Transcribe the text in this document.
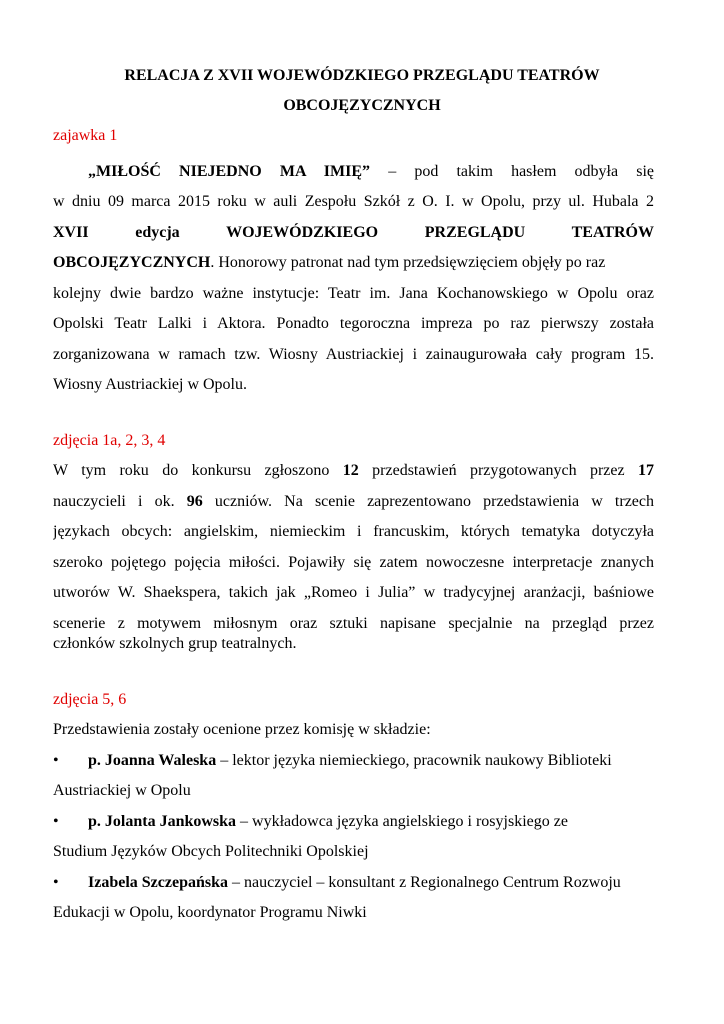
RELACJA Z XVII WOJEWÓDZKIEGO PRZEGLĄDU TEATRÓW
OBCOJĘZYCZNYCH
zajawka 1
„MIŁOŚĆ NIEJEDNO MA IMIĘ” – pod takim hasłem odbyła się
w dniu 09 marca 2015 roku w auli Zespołu Szkół z O. I. w Opolu, przy ul. Hubala 2
XVII edycja WOJEWÓDZKIEGO PRZEGLĄDU TEATRÓW
OBCOJĘZYCZNYCH. Honorowy patronat nad tym przedsięwzięciem objęły po raz
kolejny dwie bardzo ważne instytucje: Teatr im. Jana Kochanowskiego w Opolu oraz
Opolski Teatr Lalki i Aktora. Ponadto tegoroczna impreza po raz pierwszy została
zorganizowana w ramach tzw. Wiosny Austriackiej i zainaugurowała cały program 15.
Wiosny Austriackiej w Opolu.
zdjęcia 1a, 2, 3, 4
W tym roku do konkursu zgłoszono 12 przedstawień przygotowanych przez 17
nauczycieli i ok. 96 uczniów. Na scenie zaprezentowano przedstawienia w trzech
językach obcych: angielskim, niemieckim i francuskim, których tematyka dotyczyła
szeroko pojętego pojęcia miłości. Pojawiły się zatem nowoczesne interpretacje znanych
utworów W. Shaekspera, takich jak „Romeo i Julia” w tradycyjnej aranżacji, baśniowe
scenerie z motywem miłosnym oraz sztuki napisane specjalnie na przegląd przez
członków szkolnych grup teatralnych.
zdjęcia 5, 6
Przedstawienia zostały ocenione przez komisję w składzie:
• p. Joanna Waleska – lektor języka niemieckiego, pracownik naukowy Biblioteki
Austriackiej w Opolu
• p. Jolanta Jankowska – wykładowca języka angielskiego i rosyjskiego ze
Studium Języków Obcych Politechniki Opolskiej
• Izabela Szczepańska – nauczyciel – konsultant z Regionalnego Centrum Rozwoju
Edukacji w Opolu, koordynator Programu Niwki
